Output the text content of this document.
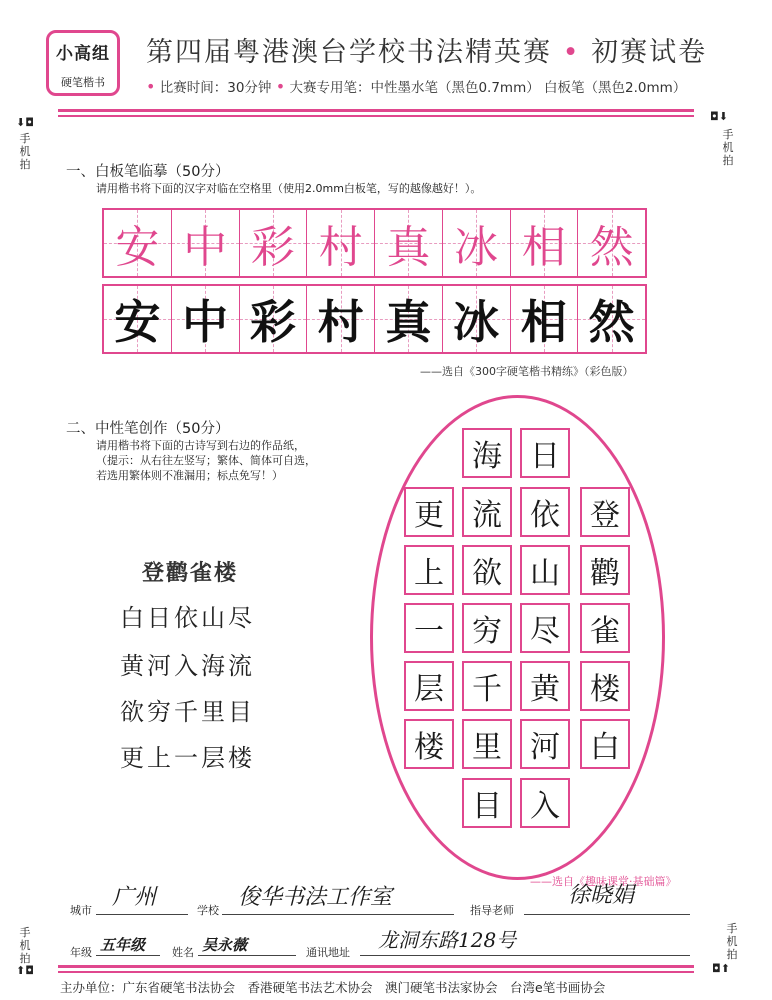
小高组
硬笔楷书
第四届粤港澳台学校书法精英赛 • 初赛试卷
• 比赛时间：30分钟 • 大赛专用笔：中性墨水笔（黑色0.7mm） 白板笔（黑色2.0mm）
⬇◘
手机拍
◘⬇
手机拍
手机拍
⬆◘
手机拍
◘⬆
一、白板笔临摹（50分）
请用楷书将下面的汉字对临在空格里（使用2.0mm白板笔，写的越像越好！）。
安 中 彩 村 真 冰 相 然
安 中 彩 村 真 冰 相 然
——选自《300字硬笔楷书精练》（彩色版）
二、中性笔创作（50分）
请用楷书将下面的古诗写到右边的作品纸，
（提示：从右往左竖写；繁体、简体可自选，
若选用繁体则不准漏用；标点免写！）
登鹳雀楼
白日依山尽
黄河入海流
欲穷千里目
更上一层楼
登
鹳
雀
楼
白
日
依
山
尽
黄
河
入
海
流
欲
穷
千
里
目
更
上
一
层
楼
——选自《趣味课堂·基础篇》
城市
广州
学校
俊华书法工作室
指导老师
徐晓娟
年级 五年级 姓名 吴永薇	通讯地址
龙洞东路128号
主办单位：广东省硬笔书法协会　香港硬笔书法艺术协会　澳门硬笔书法家协会　台湾e笔书画协会
